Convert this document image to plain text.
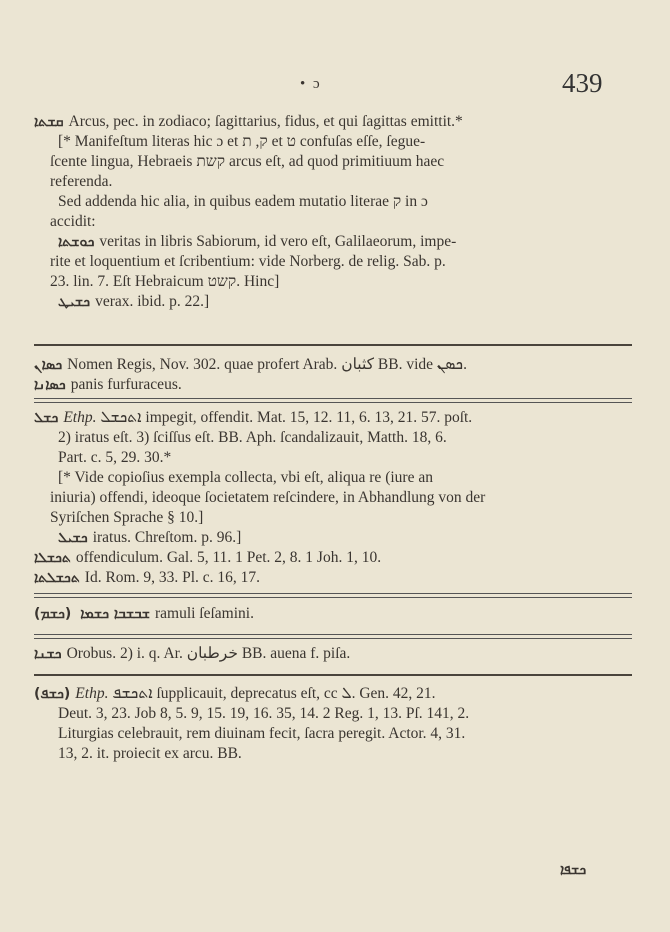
• ɔ	439
ܩܫܬܐ Arcus, pec. in zodiaco; ſagittarius, fidus, et qui ſagittas emittit.*
[* Manifeſtum literas hic ɔ et ק, ת et ט confuſas eſſe, ſegue-
ſcente lingua, Hebraeis קשת arcus eſt, ad quod primitiuum haec
referenda.
Sed addenda hic alia, in quibus eadem mutatio literae ק in ɔ
accidit:
ܟܘܫܬܐ veritas in libris Sabiorum, id vero eſt, Galilaeorum, impe-
rite et loquentium et ſcribentium: vide Norberg. de relig. Sab. p.
23. lin. 7. Eſt Hebraicum קשט. Hinc]
ܟܫܝܛ verax. ibid. p. 22.]
ܟܣܐܢ Nomen Regis, Nov. 302. quae profert Arab. كثبان BB. vide ܟܣܢ.
ܟܣܐܢܐ panis furfuraceus.
ܟܫܠ Ethp. ܐܬܟܫܠ impegit, offendit. Mat. 15, 12. 11, 6. 13, 21. 57. poſt.
2) iratus eſt. 3) ſciſſus eſt. BB. Aph. ſcandalizauit, Matth. 18, 6.
Part. c. 5, 29. 30.*
[* Vide copioſius exempla collecta, vbi eſt, aliqua re (iure an
iniuria) offendi, ideoque ſocietatem reſcindere, in Abhandlung von der
Syriſchen Sprache § 10.]
ܟܫܝܠ iratus. Chreſtom. p. 96.]
ܬܟܫܠܐ offendiculum. Gal. 5, 11. 1 Pet. 2, 8. 1 Joh. 1, 10.
ܬܟܫܠܬܐ Id. Rom. 9, 33. Pl. c. 16, 17.
(ܟܫܡ) ܫܒܫܒܐ ܟܫܡܐ ramuli ſeſamini.
ܟܫܢܐ Orobus. 2) i. q. Ar. خرطبان BB. auena f. piſa.
(ܟܫܦ) Ethp. ܐܬܟܫܦ ſupplicauit, deprecatus eſt, cc ܠ. Gen. 42, 21.
Deut. 3, 23. Job 8, 5. 9, 15. 19, 16. 35, 14. 2 Reg. 1, 13. Pſ. 141, 2.
Liturgias celebrauit, rem diuinam fecit, ſacra peregit. Actor. 4, 31.
13, 2. it. proiecit ex arcu. BB.
ܟܫܦܐ
